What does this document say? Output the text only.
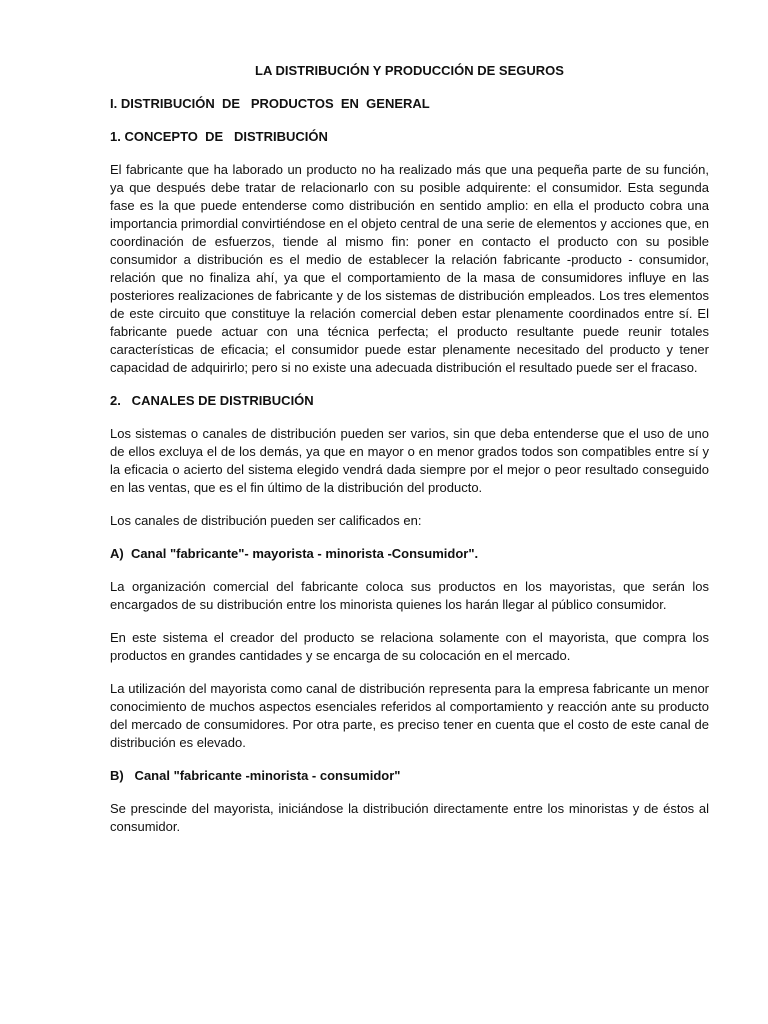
LA DISTRIBUCIÓN Y PRODUCCIÓN DE SEGUROS
I. DISTRIBUCIÓN  DE   PRODUCTOS  EN  GENERAL
1. CONCEPTO  DE   DISTRIBUCIÓN

El fabricante que ha laborado un producto no ha realizado más que una pequeña parte de su función, ya que después debe tratar de relacionarlo con su posible adquirente: el consumidor. Esta segunda fase es la que puede entenderse como distribución en sentido amplio: en ella el producto cobra una importancia primordial convirtiéndose en el objeto central de una serie de elementos y acciones que, en coordinación de esfuerzos, tiende al mismo fin: poner en contacto el producto con su posible consumidor a distribución es el medio de establecer la relación fabricante -producto - consumidor, relación que no finaliza ahí, ya que el comportamiento de la masa de consumidores influye en las posteriores realizaciones de fabricante y de los sistemas de distribución empleados. Los tres elementos de este circuito que constituye la relación comercial deben estar plenamente coordinados entre sí. El fabricante puede actuar con una técnica perfecta; el producto resultante puede reunir totales características de eficacia; el consumidor puede estar plenamente necesitado del producto y tener capacidad de adquirirlo; pero si no existe una adecuada distribución el resultado puede ser el fracaso.

2.   CANALES DE DISTRIBUCIÓN

Los sistemas o canales de distribución pueden ser varios, sin que deba entenderse que el uso de uno de ellos excluya el de los demás, ya que en mayor o en menor grados todos son compatibles entre sí y la eficacia o acierto del sistema elegido vendrá dada siempre por el mejor o peor resultado conseguido en las ventas, que es el fin último de la distribución del producto.

Los canales de distribución pueden ser calificados en:

A)  Canal "fabricante"- mayorista - minorista -Consumidor".

La organización comercial del fabricante coloca sus productos en los mayoristas, que serán los encargados de su distribución entre los minorista quienes los harán llegar al público consumidor.

En este sistema el creador del producto se relaciona solamente con el mayorista, que compra los productos en grandes cantidades y se encarga de su colocación en el mercado.

La utilización del mayorista como canal de distribución representa para la empresa fabricante un menor conocimiento de muchos aspectos esenciales referidos al comportamiento y reacción ante su producto del mercado de consumidores. Por otra parte, es preciso tener en cuenta que el costo de este canal de distribución es elevado.

B)   Canal "fabricante -minorista - consumidor"

Se prescinde del mayorista, iniciándose la distribución directamente entre los minoristas y de éstos al consumidor.
